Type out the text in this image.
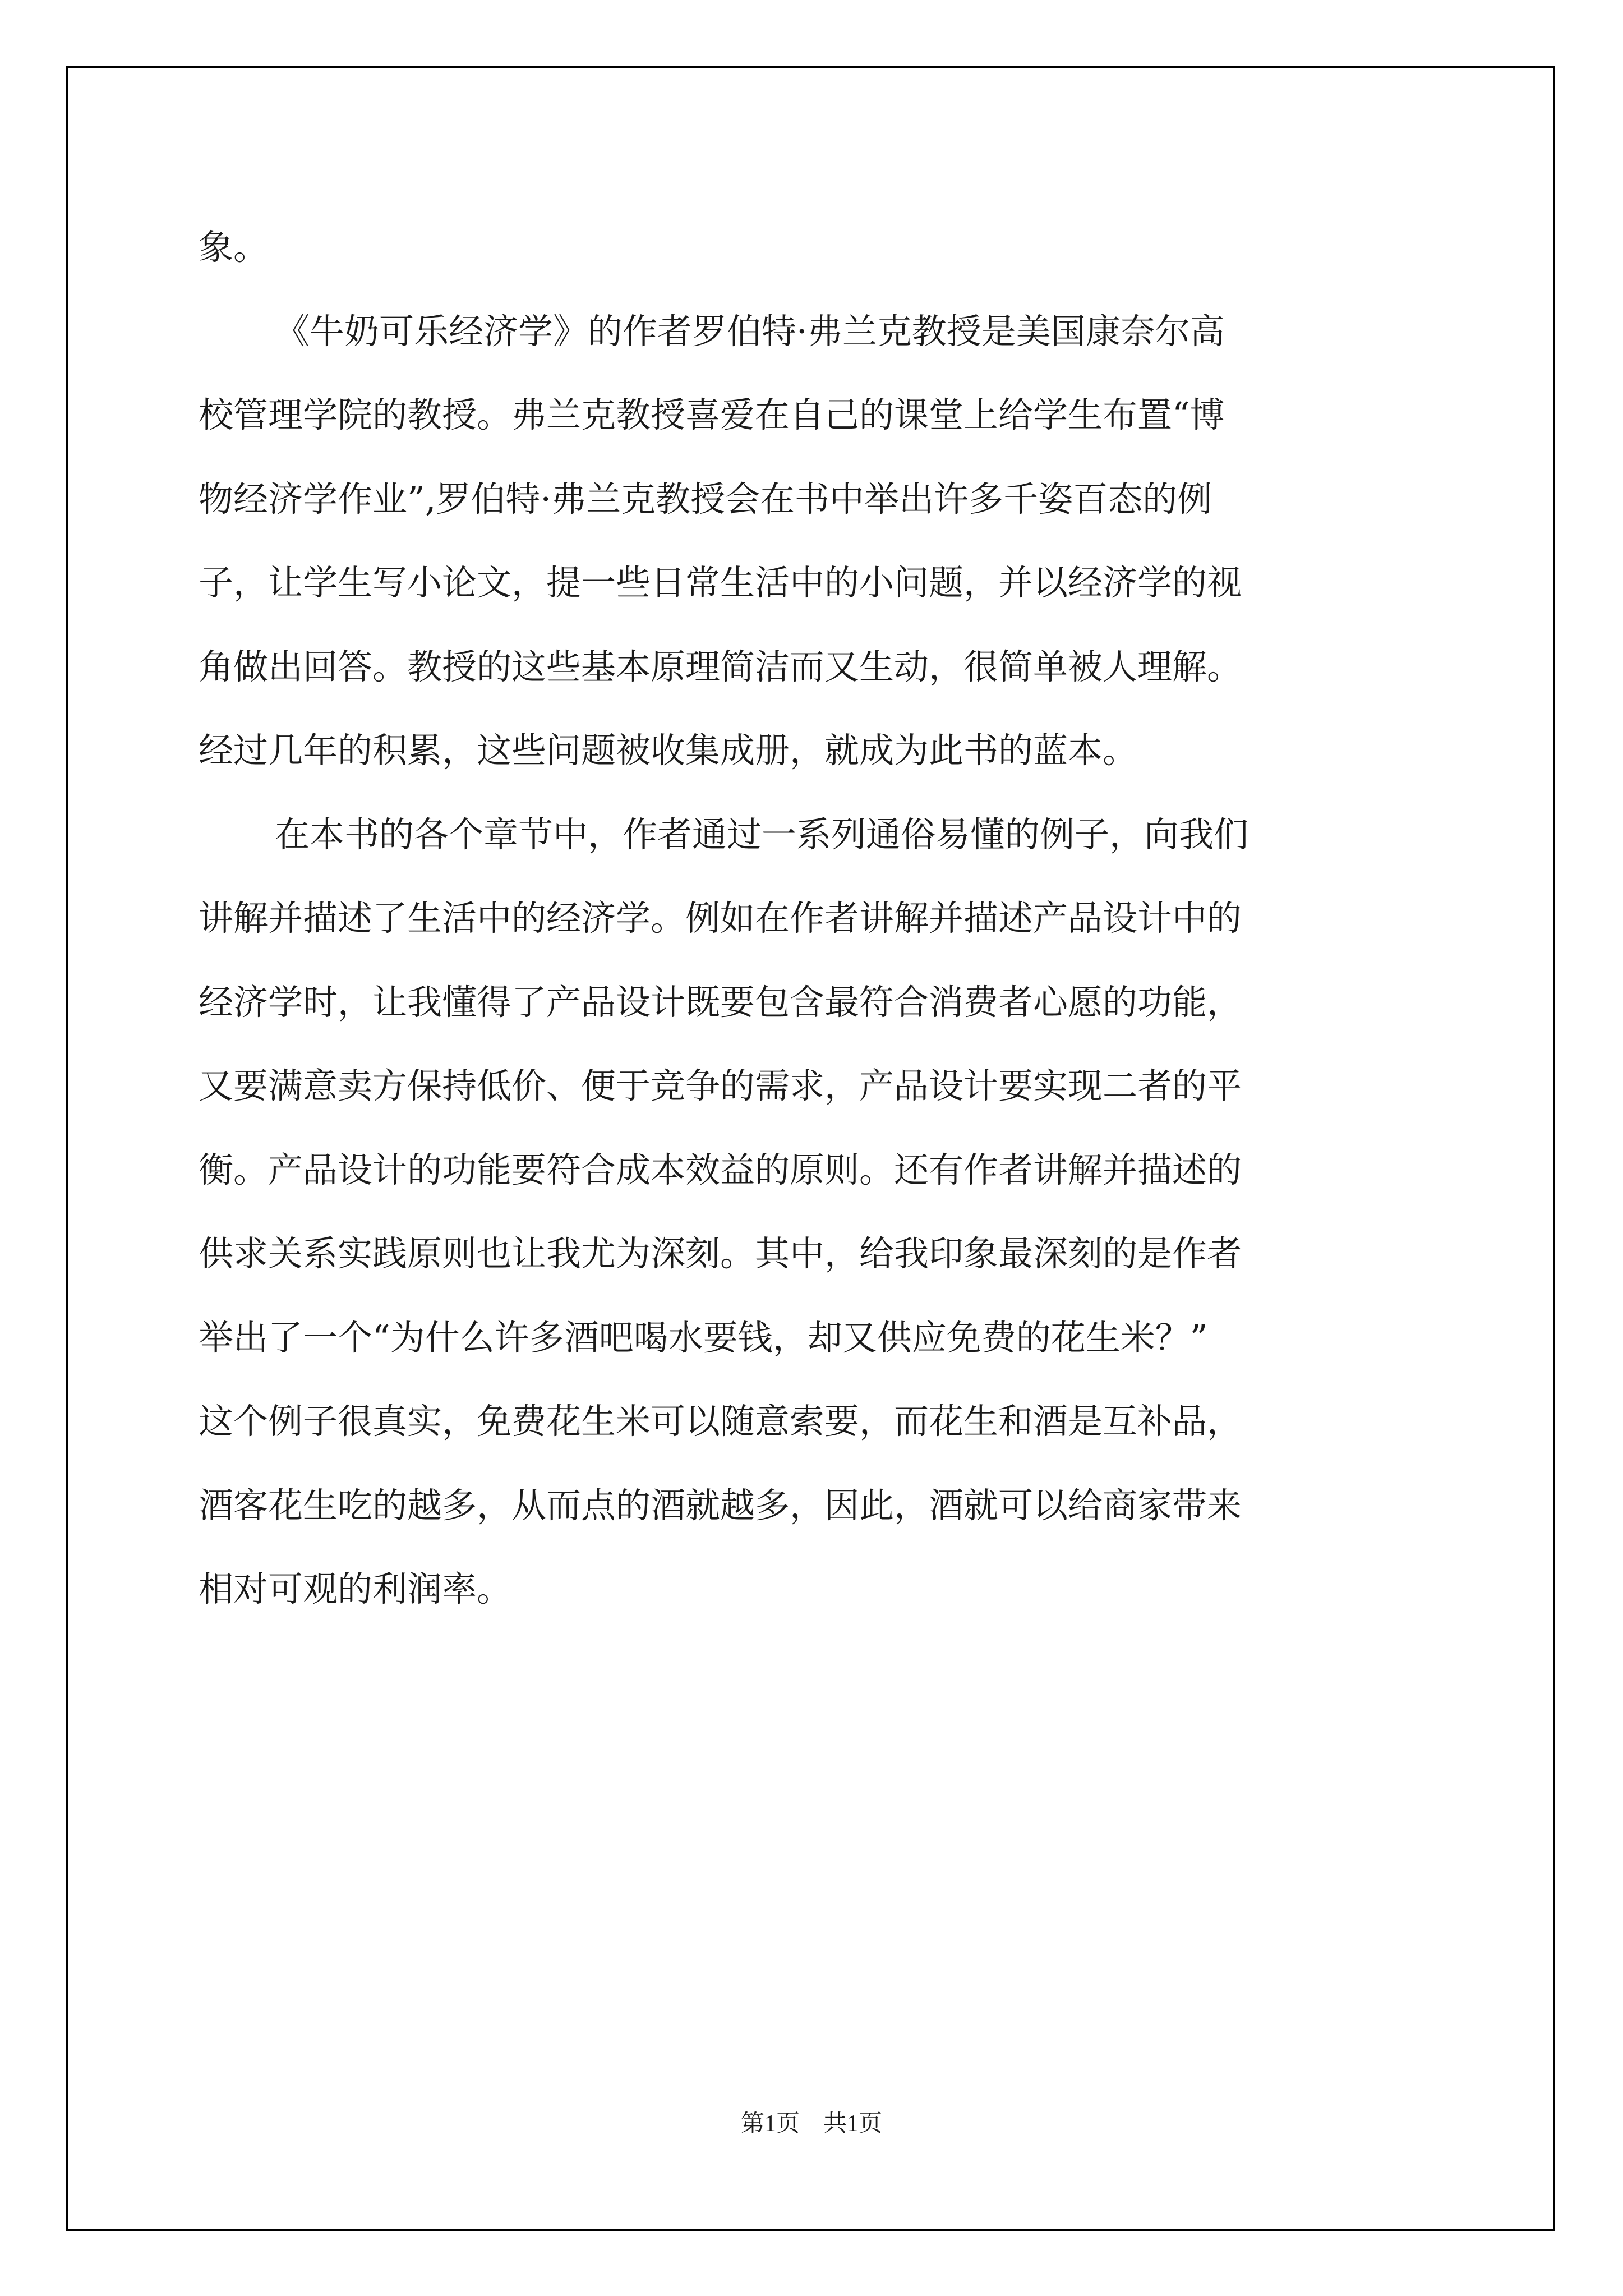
象。
《牛奶可乐经济学》的作者罗伯特·弗兰克教授是美国康奈尔高
校管理学院的教授。弗兰克教授喜爱在自己的课堂上给学生布置“博
物经济学作业”,罗伯特·弗兰克教授会在书中举出许多千姿百态的例
子，让学生写小论文，提一些日常生活中的小问题，并以经济学的视
角做出回答。教授的这些基本原理简洁而又生动，很简单被人理解。
经过几年的积累，这些问题被收集成册，就成为此书的蓝本。
在本书的各个章节中，作者通过一系列通俗易懂的例子，向我们
讲解并描述了生活中的经济学。例如在作者讲解并描述产品设计中的
经济学时，让我懂得了产品设计既要包含最符合消费者心愿的功能，
又要满意卖方保持低价、便于竞争的需求，产品设计要实现二者的平
衡。产品设计的功能要符合成本效益的原则。还有作者讲解并描述的
供求关系实践原则也让我尤为深刻。其中，给我印象最深刻的是作者
举出了一个“为什么许多酒吧喝水要钱，却又供应免费的花生米？”
这个例子很真实，免费花生米可以随意索要，而花生和酒是互补品，
酒客花生吃的越多，从而点的酒就越多，因此，酒就可以给商家带来
相对可观的利润率。
第1页　共1页
